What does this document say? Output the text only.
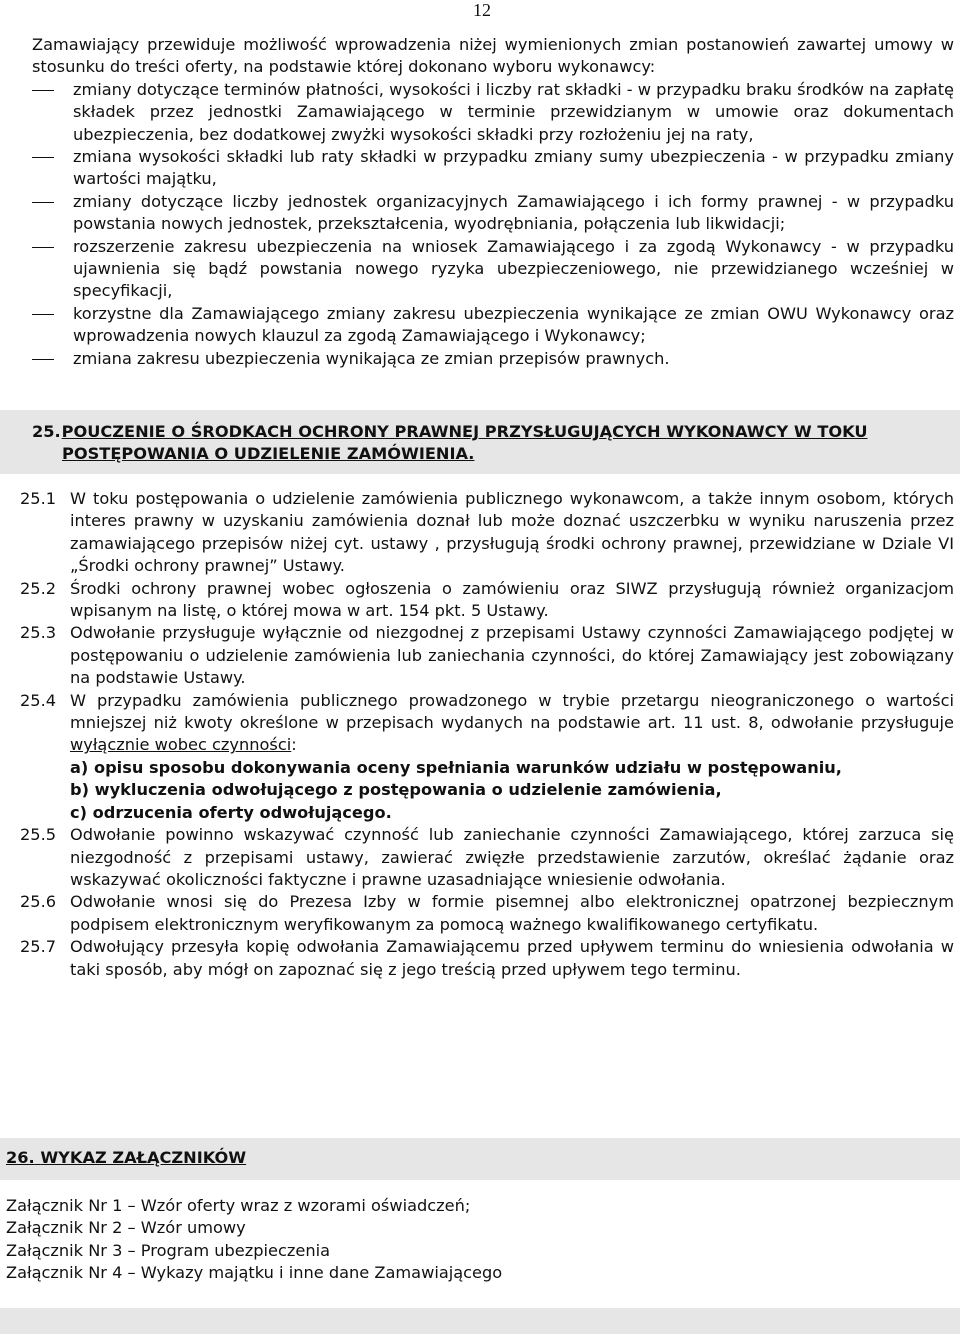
12

Zamawiający przewiduje możliwość wprowadzenia niżej wymienionych zmian postanowień zawartej umowy w stosunku do treści oferty, na podstawie której dokonano wyboru wykonawcy:

zmiany dotyczące terminów płatności, wysokości i liczby rat składki - w przypadku braku środków na zapłatę składek przez jednostki Zamawiającego w terminie przewidzianym w umowie oraz dokumentach ubezpieczenia, bez dodatkowej zwyżki wysokości składki przy rozłożeniu jej na raty,
zmiana wysokości składki lub raty składki w przypadku zmiany sumy ubezpieczenia - w przypadku zmiany wartości majątku,
zmiany dotyczące liczby jednostek organizacyjnych Zamawiającego i ich formy prawnej - w przypadku powstania nowych jednostek, przekształcenia, wyodrębniania, połączenia lub likwidacji;
rozszerzenie zakresu ubezpieczenia na wniosek Zamawiającego i za zgodą Wykonawcy - w przypadku ujawnienia się bądź powstania nowego ryzyka ubezpieczeniowego, nie przewidzianego wcześniej w specyfikacji,
korzystne dla Zamawiającego zmiany zakresu ubezpieczenia wynikające ze zmian OWU Wykonawcy oraz wprowadzenia nowych klauzul za zgodą Zamawiającego i Wykonawcy;
zmiana zakresu ubezpieczenia wynikająca ze zmian przepisów prawnych.
25. POUCZENIE O ŚRODKACH OCHRONY PRAWNEJ PRZYSŁUGUJĄCYCH WYKONAWCY W TOKU
POSTĘPOWANIA O UDZIELENIE ZAMÓWIENIA.
25.1 W toku postępowania o udzielenie zamówienia publicznego wykonawcom, a także innym osobom, których interes prawny w uzyskaniu zamówienia doznał lub może doznać uszczerbku w wyniku naruszenia przez zamawiającego przepisów niżej cyt. ustawy , przysługują środki ochrony prawnej, przewidziane w Dziale VI „Środki ochrony prawnej” Ustawy.
25.2 Środki ochrony prawnej wobec ogłoszenia o zamówieniu oraz SIWZ przysługują również organizacjom wpisanym na listę, o której mowa w art. 154 pkt. 5 Ustawy.
25.3 Odwołanie przysługuje wyłącznie od niezgodnej z przepisami Ustawy czynności Zamawiającego podjętej w postępowaniu o udzielenie zamówienia lub zaniechania czynności, do której Zamawiający jest zobowiązany na podstawie Ustawy.
25.4 W przypadku zamówienia publicznego prowadzonego w trybie przetargu nieograniczonego o wartości mniejszej niż kwoty określone w przepisach wydanych na podstawie art. 11 ust. 8, odwołanie przysługuje wyłącznie wobec czynności:
a) opisu sposobu dokonywania oceny spełniania warunków udziału w postępowaniu,
b) wykluczenia odwołującego z postępowania o udzielenie zamówienia,
c) odrzucenia oferty odwołującego.
25.5 Odwołanie powinno wskazywać czynność lub zaniechanie czynności Zamawiającego, której zarzuca się niezgodność z przepisami ustawy, zawierać zwięzłe przedstawienie zarzutów, określać żądanie oraz wskazywać okoliczności faktyczne i prawne uzasadniające wniesienie odwołania.
25.6 Odwołanie wnosi się do Prezesa Izby w formie pisemnej albo elektronicznej opatrzonej bezpiecznym podpisem elektronicznym weryfikowanym za pomocą ważnego kwalifikowanego certyfikatu.
25.7 Odwołujący przesyła kopię odwołania Zamawiającemu przed upływem terminu do wniesienia odwołania w taki sposób, aby mógł on zapoznać się z jego treścią przed upływem tego terminu.
26. WYKAZ ZAŁĄCZNIKÓW
Załącznik Nr 1 – Wzór oferty wraz z wzorami oświadczeń;
Załącznik Nr 2 – Wzór umowy
Załącznik Nr 3 – Program ubezpieczenia
Załącznik Nr 4 – Wykazy majątku i inne dane Zamawiającego
